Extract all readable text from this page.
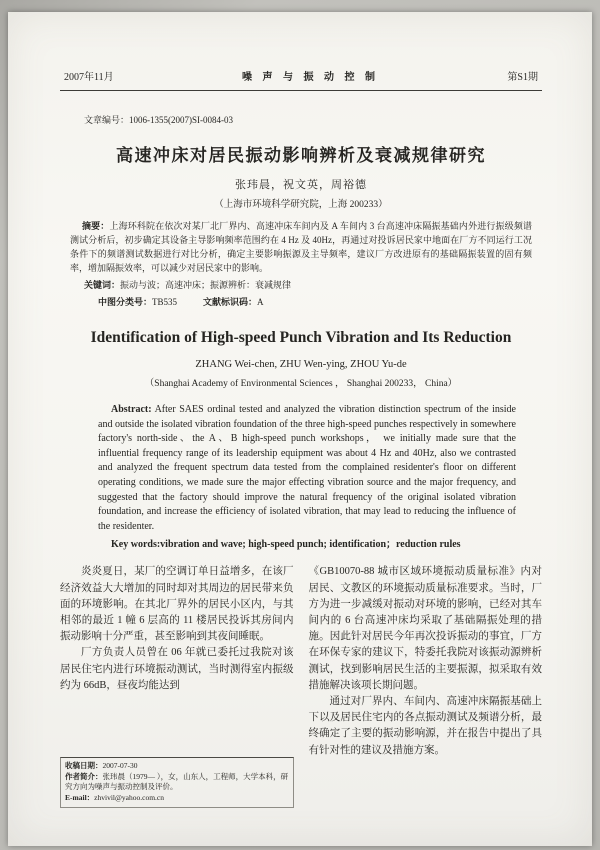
2007年11月	噪 声 与 振 动 控 制	第S1期
文章编号：1006-1355(2007)SI-0084-03
高速冲床对居民振动影响辨析及衰减规律研究
张玮晨，祝文英，周裕德
（上海市环境科学研究院，上海 200233）

摘要：上海环科院在依次对某厂北厂界内、高速冲床车间内及 A 车间内 3 台高速冲床隔振基础内外进行振级频谱测试分析后，初步确定其设备主导影响频率范围约在 4 Hz 及 40Hz，再通过对投诉居民家中地面在厂方不同运行工况条件下的频谱测试数据进行对比分析，确定主要影响振源及主导频率，建议厂方改进原有的基础隔振装置的固有频率，增加隔振效率，可以减少对居民家中的影响。

关键词：振动与波；高速冲床；振源辨析：衰减规律
中图分类号：TB535	文献标识码：A
Identification of High-speed Punch Vibration and Its Reduction
ZHANG Wei-chen, ZHU Wen-ying, ZHOU Yu-de
（Shanghai Academy of Environmental Sciences ， Shanghai 200233， China）

Abstract: After SAES ordinal tested and analyzed the vibration distinction spectrum of the inside and outside the isolated vibration foundation of the three high-speed punches respectively in somewhere factory's north-side、the A、B high-speed punch workshops， we initially made sure that the influential frequency range of its leadership equipment was about 4 Hz and 40Hz, also we contrasted and analyzed the frequent spectrum data tested from the complained residenter's floor on different operating conditions, we made sure the major effecting vibration source and the major frequency, and suggested that the factory should improve the natural frequency of the original isolated vibration foundation, and increase the efficiency of isolated vibration, that may lead to reducing the influence of the residenter.

Key words:vibration and wave; high-speed punch; identification；reduction rules

炎炎夏日，某厂的空调订单日益增多，在该厂经济效益大大增加的同时却对其周边的居民带来负面的环境影响。在其北厂界外的居民小区内，与其相邻的最近 1 幢 6 层高的 11 楼居民投诉其房间内振动影响十分严重，甚至影响到其夜间睡眠。

厂方负责人员曾在 06 年就已委托过我院对该居民住宅内进行环境振动测试，当时测得室内振级约为 66dB，昼夜均能达到

收稿日期：2007-07-30
作者简介：张玮晨（1979— ），女，山东人，工程师，大学本科，研究方向为噪声与振动控制及评价。
E-mail：zhvivil@yahoo.com.cn

《GB10070-88 城市区域环境振动质量标准》内对居民、文教区的环境振动质量标准要求。当时，厂方为进一步减缓对振动对环境的影响，已经对其车间内的 6 台高速冲床均采取了基础隔振处理的措施。因此针对居民今年再次投诉振动的事宜，厂方在环保专家的建议下，特委托我院对该振动源辨析测试，找到影响居民生活的主要振源，拟采取有效措施解决该项长期问题。

通过对厂界内、车间内、高速冲床隔振基础上下以及居民住宅内的各点振动测试及频谱分析，最终确定了主要的振动影响源，并在报告中提出了具有针对性的建议及措施方案。
